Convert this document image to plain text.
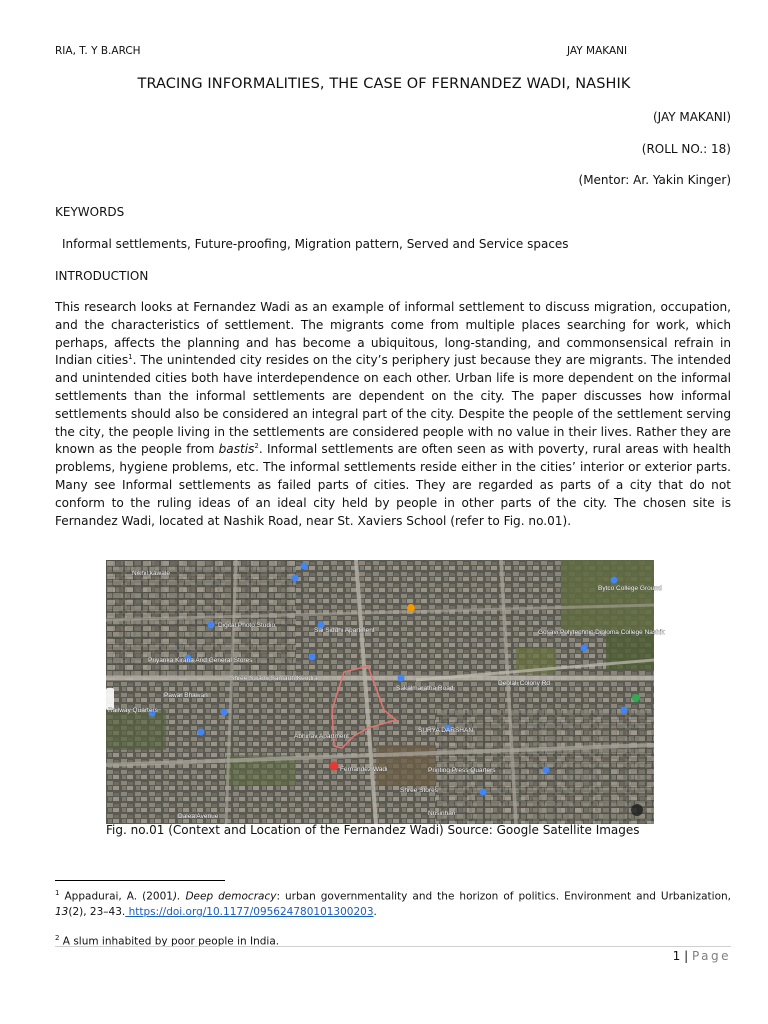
RIA, T. Y B.ARCH	JAY MAKANI
TRACING INFORMALITIES, THE CASE OF FERNANDEZ WADI, NASHIK
(JAY MAKANI)
(ROLL NO.: 18)
(Mentor: Ar. Yakin Kinger)
KEYWORDS
Informal settlements, Future-proofing, Migration pattern, Served and Service spaces
INTRODUCTION
This research looks at Fernandez Wadi as an example of informal settlement to discuss migration, occupation, and the characteristics of settlement. The migrants come from multiple places searching for work, which perhaps, affects the planning and has become a ubiquitous, long-standing, and commonsensical refrain in Indian cities$^1$. The unintended city resides on the city’s periphery just because they are migrants. The intended and unintended cities both have interdependence on each other. Urban life is more dependent on the informal settlements than the informal settlements are dependent on the city. The paper discusses how informal settlements should also be considered an integral part of the city. Despite the people of the settlement serving the city, the people living in the settlements are considered people with no value in their lives. Rather they are known as the people from bastis$^2$. Informal settlements are often seen as with poverty, rural areas with health problems, hygiene problems, etc. The informal settlements reside either in the cities’ interior or exterior parts. Many see Informal settlements as failed parts of cities. They are regarded as parts of a city that do not conform to the ruling ideas of an ideal city held by people in other parts of the city. The chosen site is Fernandez Wadi, located at Nashik Road, near St. Xaviers School (refer to Fig. no.01).
Nikhil kawale
Digital Photo Studio
Priyanka Kirana And General Stores
Pawar Bhawan
Shree Swami Samarth Kendra
Sai Siddhi Apartment
Bytco College Ground
Gosavi Polytechnic Diploma College Nashik
Sakalmaratha Road
Deolali Colony Rd
SURYA DARSHAN
Fernandez Wadi
Nrisinhari
Printing Press Quarters
Dalea Avenue
Railway Quarters
Abhinav Apartment
Shree Stores
Fig. no.01 (Context and Location of the Fernandez Wadi) Source: Google Satellite Images
$^1$ Appadurai, A. (2001). Deep democracy: urban governmentality and the horizon of politics. Environment and Urbanization, 13(2), 23–43. https://doi.org/10.1177/095624780101300203.
$^2$ A slum inhabited by poor people in India.
1 | Page
